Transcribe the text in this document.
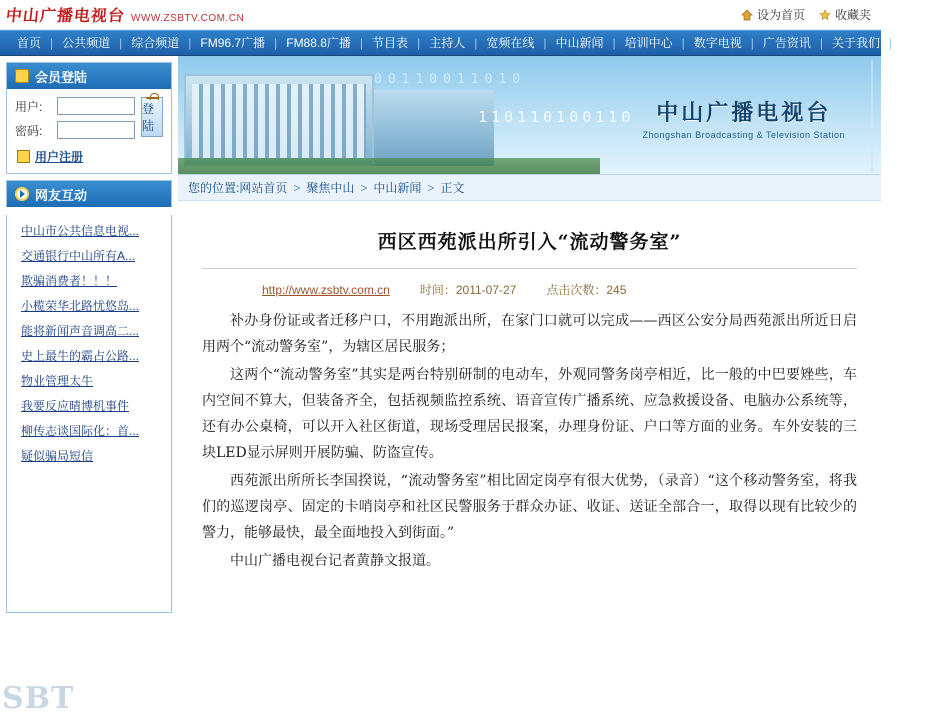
中山广播电视台 WWW.ZSBTV.COM.CN	设为首页	收藏夹
首页 | 公共频道 | 综合频道 | FM96.7广播 | FM88.8广播 | 节目表 | 主持人 | 宽频在线 | 中山新闻 | 培训中心 | 数字电视 | 广告资讯 | 关于我们 | 论坛
会员登陆
用户:
密码:
登陆
用户注册
网友互动
中山市公共信息电视...
交通银行中山所有A...
欺骗消费者！！！
小榄荣华北路忧悠岛...
能将新闻声音调高二...
史上最牛的霸占公路...
物业管理太牛
我要反应晴博机事件
柳传志谈国际化：首...
疑似骗局短信
SBT
00110011010
110110100110 中山广播电视台
Zhongshan Broadcasting & Television Station
您的位置: 网站首页 > 聚焦中山 > 中山新闻 > 正文
西区西苑派出所引入“流动警务室”
http://www.zsbtv.com.cn	时间：2011-07-27	点击次数：245

补办身份证或者迁移户口，不用跑派出所，在家门口就可以完成——西区公安分局西苑派出所近日启用两个“流动警务室”，为辖区居民服务；

这两个“流动警务室”其实是两台特别研制的电动车，外观同警务岗亭相近，比一般的中巴要矬些，车内空间不算大，但装备齐全，包括视频监控系统、语音宣传广播系统、应急救援设备、电脑办公系统等，还有办公桌椅，可以开入社区街道，现场受理居民报案，办理身份证、户口等方面的业务。车外安装的三块LED显示屏则开展防骗、防盗宣传。

西苑派出所所长李国揆说，“流动警务室”相比固定岗亭有很大优势，（录音）“这个移动警务室，将我们的巡逻岗亭、固定的卡哨岗亭和社区民警服务于群众办证、收证、送证全部合一，取得以现有比较少的警力，能够最快，最全面地投入到街面。”

中山广播电视台记者黄静文报道。
